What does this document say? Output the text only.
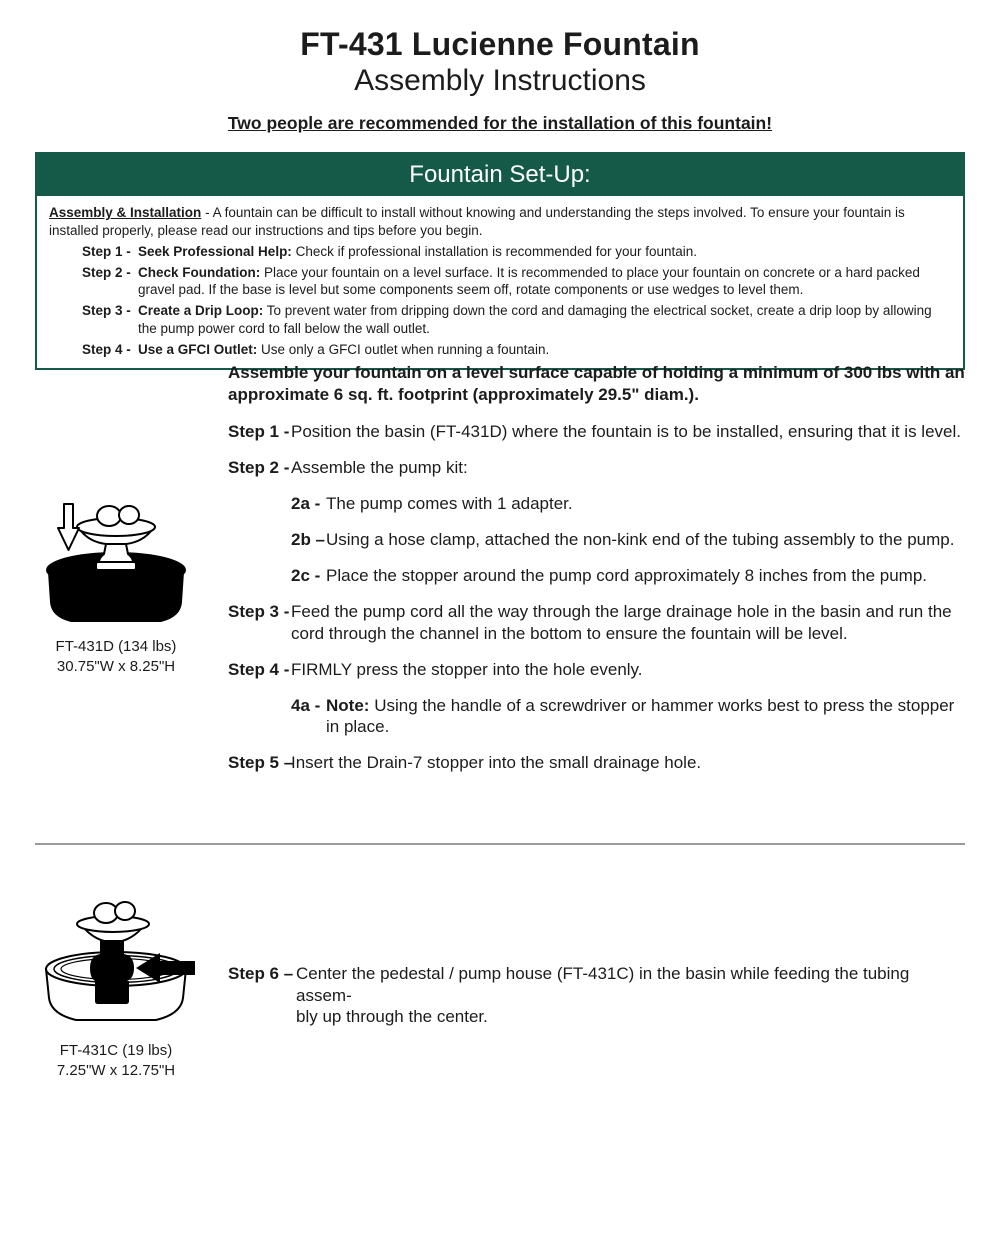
FT-431 Lucienne Fountain
Assembly Instructions
Two people are recommended for the installation of this fountain!
Fountain Set-Up:
Assembly & Installation - A fountain can be difficult to install without knowing and understanding the steps involved. To ensure your fountain is installed properly, please read our instructions and tips before you begin.
Step 1 - Seek Professional Help: Check if professional installation is recommended for your fountain.
Step 2 - Check Foundation: Place your fountain on a level surface. It is recommended to place your fountain on concrete or a hard packed gravel pad. If the base is level but some components seem off, rotate components or use wedges to level them.
Step 3 - Create a Drip Loop: To prevent water from dripping down the cord and damaging the electrical socket, create a drip loop by allowing the pump power cord to fall below the wall outlet.
Step 4 - Use a GFCI Outlet: Use only a GFCI outlet when running a fountain.

Assemble your fountain on a level surface capable of holding a minimum of 300 lbs with an approximate 6 sq. ft. footprint (approximately 29.5" diam.).

Step 1 - Position the basin (FT-431D) where the fountain is to be installed, ensuring that it is level.
Step 2 - Assemble the pump kit:
2a - The pump comes with 1 adapter.
2b – Using a hose clamp, attached the non-kink end of the tubing assembly to the pump.
2c - Place the stopper around the pump cord approximately 8 inches from the pump.
Step 3 - Feed the pump cord all the way through the large drainage hole in the basin and run the cord through the channel in the bottom to ensure the fountain will be level.
Step 4 - FIRMLY press the stopper into the hole evenly.
4a - Note: Using the handle of a screwdriver or hammer works best to press the stopper in place.
Step 5 –
Insert the Drain-7 stopper into the small drainage hole.
FT-431D (134 lbs)
30.75"W x 8.25"H
FT-431C (19 lbs)
7.25"W x 12.75"H
Step 6 – Center the pedestal / pump house (FT-431C) in the basin while feeding the tubing assem-
bly up through the center.
